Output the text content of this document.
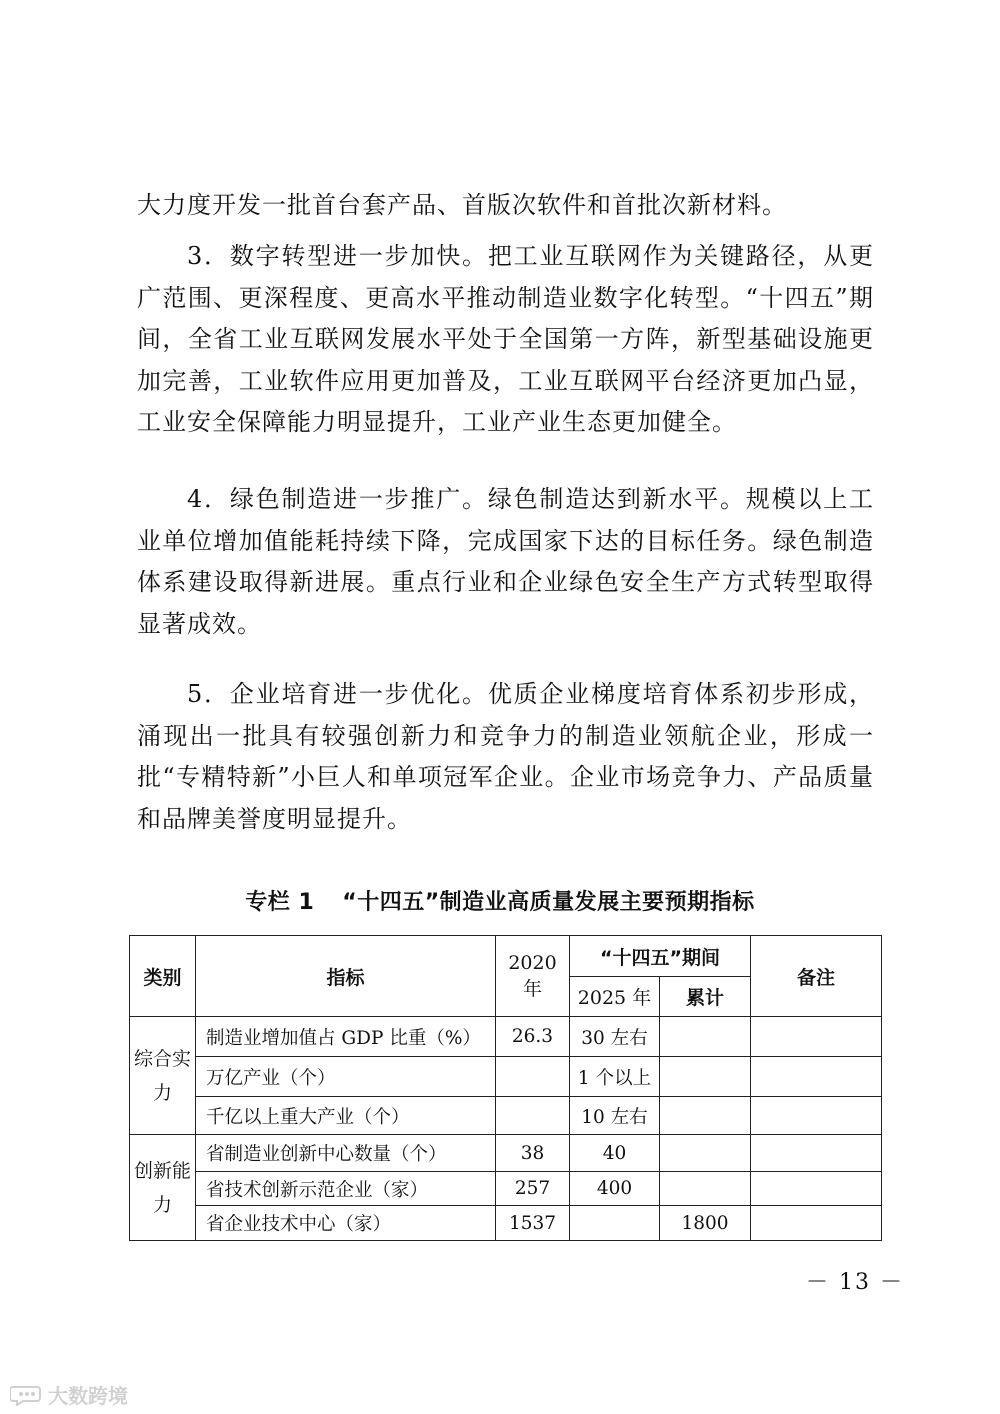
大力度开发一批首台套产品、首版次软件和首批次新材料。
3．数字转型进一步加快。把工业互联网作为关键路径，从更广范围、更深程度、更高水平推动制造业数字化转型。“十四五”期间，全省工业互联网发展水平处于全国第一方阵，新型基础设施更加完善，工业软件应用更加普及，工业互联网平台经济更加凸显，工业安全保障能力明显提升，工业产业生态更加健全。
4．绿色制造进一步推广。绿色制造达到新水平。规模以上工业单位增加值能耗持续下降，完成国家下达的目标任务。绿色制造体系建设取得新进展。重点行业和企业绿色安全生产方式转型取得显著成效。
5．企业培育进一步优化。优质企业梯度培育体系初步形成，涌现出一批具有较强创新力和竞争力的制造业领航企业，形成一批“专精特新”小巨人和单项冠军企业。企业市场竞争力、产品质量和品牌美誉度明显提升。
专栏 1 “十四五”制造业高质量发展主要预期指标
类别	指标	2020年	“十四五”期间		备注
			2025 年	累计	
综合实力	制造业增加值占 GDP 比重（%）	26.3	30 左右		
	万亿产业（个）		1 个以上		
	千亿以上重大产业（个）		10 左右		
创新能力	省制造业创新中心数量（个）	38	40		
	省技术创新示范企业（家）	257	400		
	省企业技术中心（家）	1537		1800	
－ 13 －
大数跨境
